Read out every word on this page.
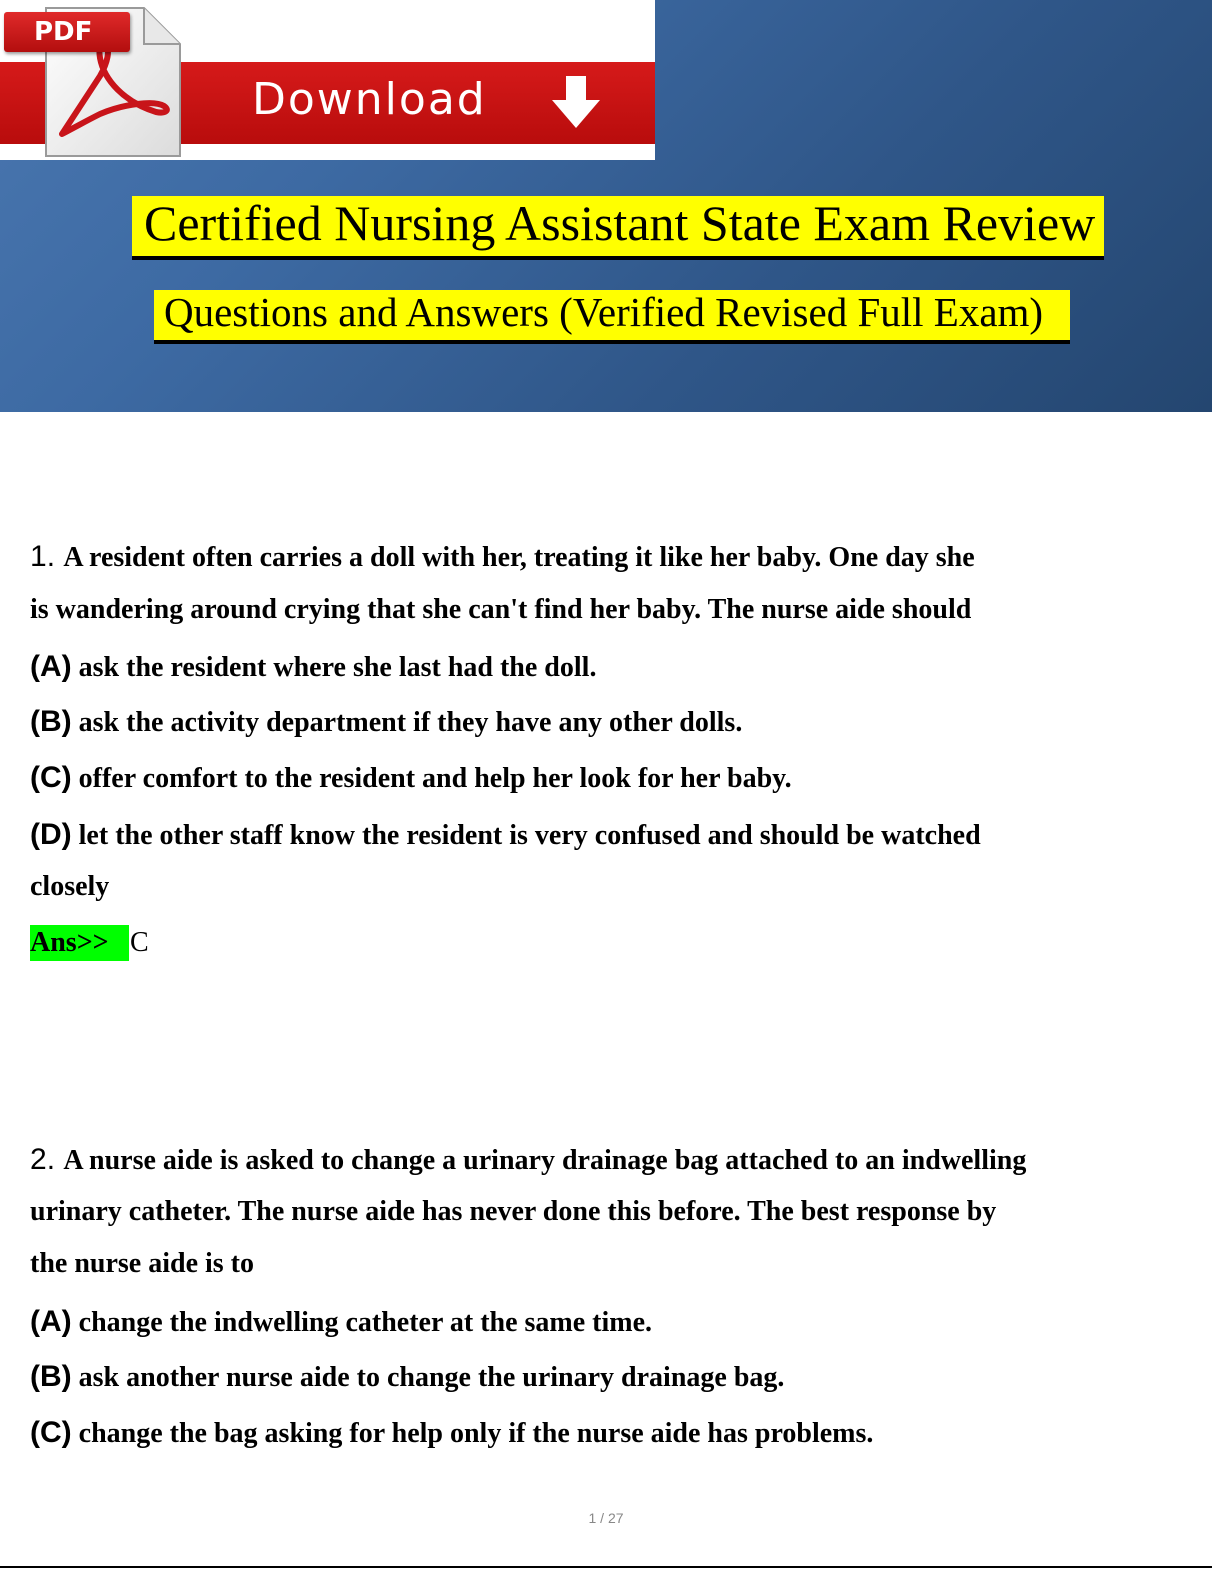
Download
PDF
Certified Nursing Assistant State Exam Review
Questions and Answers (Verified Revised Full Exam)
1. A resident often carries a doll with her, treating it like her baby. One day she
is wandering around crying that she can't find her baby. The nurse aide should
(A) ask the resident where she last had the doll.
(B) ask the activity department if they have any other dolls.
(C) offer comfort to the resident and help her look for her baby.
(D) let the other staff know the resident is very confused and should be watched
closely
Ans>> C
2. A nurse aide is asked to change a urinary drainage bag attached to an indwelling
urinary catheter. The nurse aide has never done this before. The best response by
the nurse aide is to
(A) change the indwelling catheter at the same time.
(B) ask another nurse aide to change the urinary drainage bag.
(C) change the bag asking for help only if the nurse aide has problems.
1 / 27
